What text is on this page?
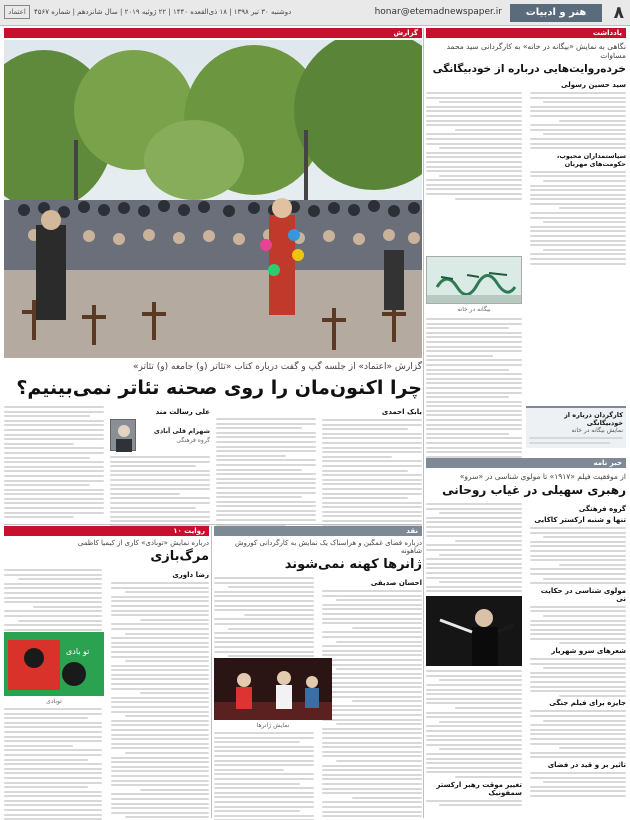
۸
هنر و ادبیات
honar@etemadnewspaper.ir
دوشنبه ۳۰ تیر ۱۳۹۸ | ۱۸ ذی‌القعده ۱۴۴۰ | ۲۲ ژوئیه ۲۰۱۹ | سال شانزدهم | شماره ۴۵۶۷
اعتماد
یادداشت
نگاهی به نمایش «بیگانه در خانه» به کارگردانی سید محمد مساوات
خرده‌روایت‌هایی درباره از خودبیگانگی
سید حسین رسولی
سیاستمداران محبوب، حکومت‌های مهربان
بیگانه در خانه
کارگردان درباره از خودبیگانگی
نمایش بیگانه در خانه
گزارش
گزارش «اعتماد» از جلسه گپ و گفت درباره کتاب «تئاتر (و) جامعه (و) تئاتر»
چرا اکنون‌مان را روی صحنه تئاتر نمی‌بینیم؟
بابک احمدی
علی رسالت مند
شهرام قلی آبادی
گروه فرهنگی
خبر نامه
از موفقیت فیلم «۱۹۱۷» تا مولوی شناسی در «سرو»
رهبری سهیلی در غیاب روحانی
گروه فرهنگی
تنها و شنبه ارکستر کاکایی
مولوی شناسی در حکایت نی
شعرهای سرو شهریار
جایزه برای فیلم جنگی
تاثیر بر و قید در فضای
تغییر موقت رهبر ارکستر سمفونیک
نقد
درباره فضای غمگین و هراسناک یک نمایش به کارگردانی کوروش شاهونه
ژانرها کهنه نمی‌شوند
احسان صدیقی
نمایش ژانرها
روایت ۱۰
درباره نمایش «توبادی» کاری از کیمیا کاظمی
مرگ‌بازی
رضا داوری
تو بادی
توبادی
